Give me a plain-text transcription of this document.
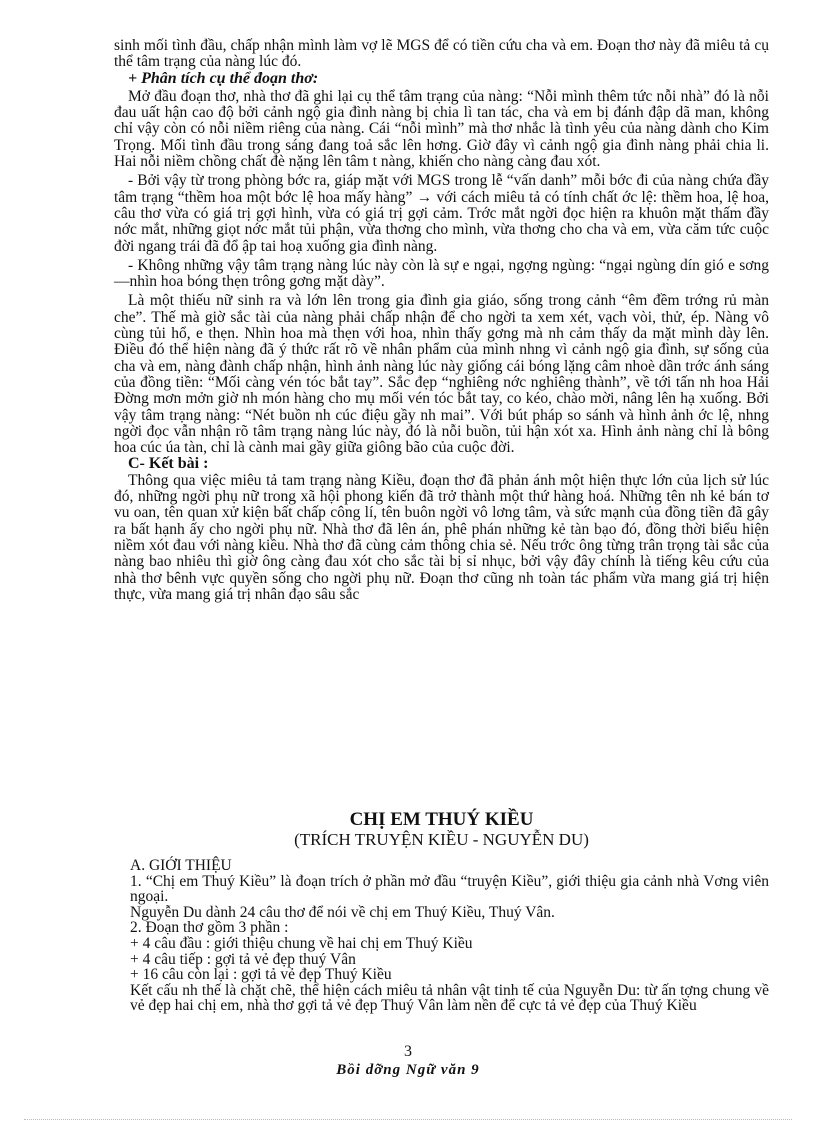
sinh mối tình đầu, chấp nhận mình làm vợ lẽ MGS để có tiền cứu cha và em. Đoạn thơ này đã miêu tả cụ thể tâm trạng của nàng lúc đó.

+ Phân tích cụ thể đoạn thơ:

Mở đầu đoạn thơ, nhà thơ đã ghi lại cụ thể tâm trạng của nàng: “Nỗi mình thêm tức nỗi nhà” đó là nỗi đau uất hận cao độ bởi cảnh ngộ gia đình nàng bị chia lì tan tác, cha và em bị đánh đập dã man, không chỉ vậy còn có nỗi niềm riêng của nàng. Cái “nỗi mình” mà thơ nhắc là tình yêu của nàng dành cho Kim Trọng. Mối tình đầu trong sáng đang toả sắc lên hơng. Giờ đây vì cảnh ngộ gia đình nàng phải chia li. Hai nỗi niềm chồng chất đè nặng lên tâm t nàng, khiến cho nàng càng đau xót.

- Bởi vậy từ trong phòng bớc ra, giáp mặt với MGS trong lễ “vấn danh” mỗi bớc đi của nàng chứa đầy tâm trạng “thềm hoa một bớc lệ hoa mấy hàng” → với cách miêu tả có tính chất ớc lệ: thềm hoa, lệ hoa, câu thơ vừa có giá trị gợi hình, vừa có giá trị gợi cảm. Trớc mắt ngời đọc hiện ra khuôn mặt thấm đầy nớc mắt, những giọt nớc mắt tủi phận, vừa thơng cho mình, vừa thơng cho cha và em, vừa căm tức cuộc đời ngang trái đã đổ ập tai hoạ xuống gia đình nàng.

- Không những vậy tâm trạng nàng lúc này còn là sự e ngại, ngợng ngùng: “ngại ngùng dín gió e sơng —nhìn hoa bóng thẹn trông gơng mặt dày”.

Là một thiếu nữ sinh ra và lớn lên trong gia đình gia giáo, sống trong cảnh “êm đềm trớng rủ màn che”. Thế mà giờ sắc tài của nàng phải chấp nhận để cho ngời ta xem xét, vạch vòi, thử, ép. Nàng vô cùng tủi hổ, e thẹn. Nhìn hoa mà thẹn với hoa, nhìn thấy gơng mà nh cảm thấy da mặt mình dày lên. Điều đó thể hiện nàng đã ý thức rất rõ về nhân phẩm của mình nhng vì cảnh ngộ gia đình, sự sống của cha và em, nàng đành chấp nhận, hình ảnh nàng lúc này giống cái bóng lặng câm nhoè dần trớc ánh sáng của đồng tiền: “Mối càng vén tóc bắt tay”. Sắc đẹp “nghiêng nớc nghiêng thành”, về tới tấn nh hoa Hải Đờng mơn mởn giờ nh món hàng cho mụ mối vén tóc bắt tay, co kéo, chào mời, nâng lên hạ xuống. Bởi vậy tâm trạng nàng: “Nét buồn nh cúc điệu gầy nh mai”. Với bút pháp so sánh và hình ảnh ớc lệ, nhng ngời đọc vẫn nhận rõ tâm trạng nàng lúc này, đó là nỗi buồn, tủi hận xót xa. Hình ảnh nàng chỉ là bông hoa cúc úa tàn, chỉ là cành mai gầy giữa giông bão của cuộc đời.

C- Kết bài :

Thông qua việc miêu tả tam trạng nàng Kiều, đoạn thơ đã phản ánh một hiện thực lớn của lịch sử lúc đó, những ngời phụ nữ trong xã hội phong kiến đã trở thành một thứ hàng hoá. Những tên nh kẻ bán tơ vu oan, tên quan xử kiện bất chấp công lí, tên buôn ngời vô lơng tâm, và sức mạnh của đồng tiền đã gây ra bất hạnh ấy cho ngời phụ nữ. Nhà thơ đã lên án, phê phán những kẻ tàn bạo đó, đồng thời biểu hiện niềm xót đau với nàng kiều. Nhà thơ đã cùng cảm thông chia sẻ. Nếu trớc ông từng trân trọng tài sắc của nàng bao nhiêu thì giờ ông càng đau xót cho sắc tài bị sỉ nhục, bởi vậy đây chính là tiếng kêu cứu của nhà thơ bênh vực quyền sống cho ngời phụ nữ. Đoạn thơ cũng nh toàn tác phẩm vừa mang giá trị hiện thực, vừa mang giá trị nhân đạo sâu sắc

CHỊ EM THUÝ KIỀU
(TRÍCH TRUYỆN KIỀU - NGUYỄN DU)

A. GIỚI THIỆU

1. “Chị em Thuý Kiều” là đoạn trích ở phần mở đầu “truyện Kiều”, giới thiệu gia cảnh nhà Vơng viên ngoại.

Nguyễn Du dành 24 câu thơ để nói về chị em Thuý Kiều, Thuý Vân.

2. Đoạn thơ gồm 3 phần :

+ 4 câu đầu : giới thiệu chung về hai chị em Thuý Kiều

+ 4 câu tiếp : gợi tả vẻ đẹp thuý Vân

+ 16 câu còn lại : gợi tả vẻ đẹp Thuý Kiều

Kết cấu nh thế là chặt chẽ, thể hiện cách miêu tả nhân vật tinh tế của Nguyễn Du: từ ấn tợng chung về vẻ đẹp hai chị em, nhà thơ gợi tả vẻ đẹp Thuý Vân làm nền để cực tả vẻ đẹp của Thuý Kiều

3
Bồi dỡng Ngữ văn 9
